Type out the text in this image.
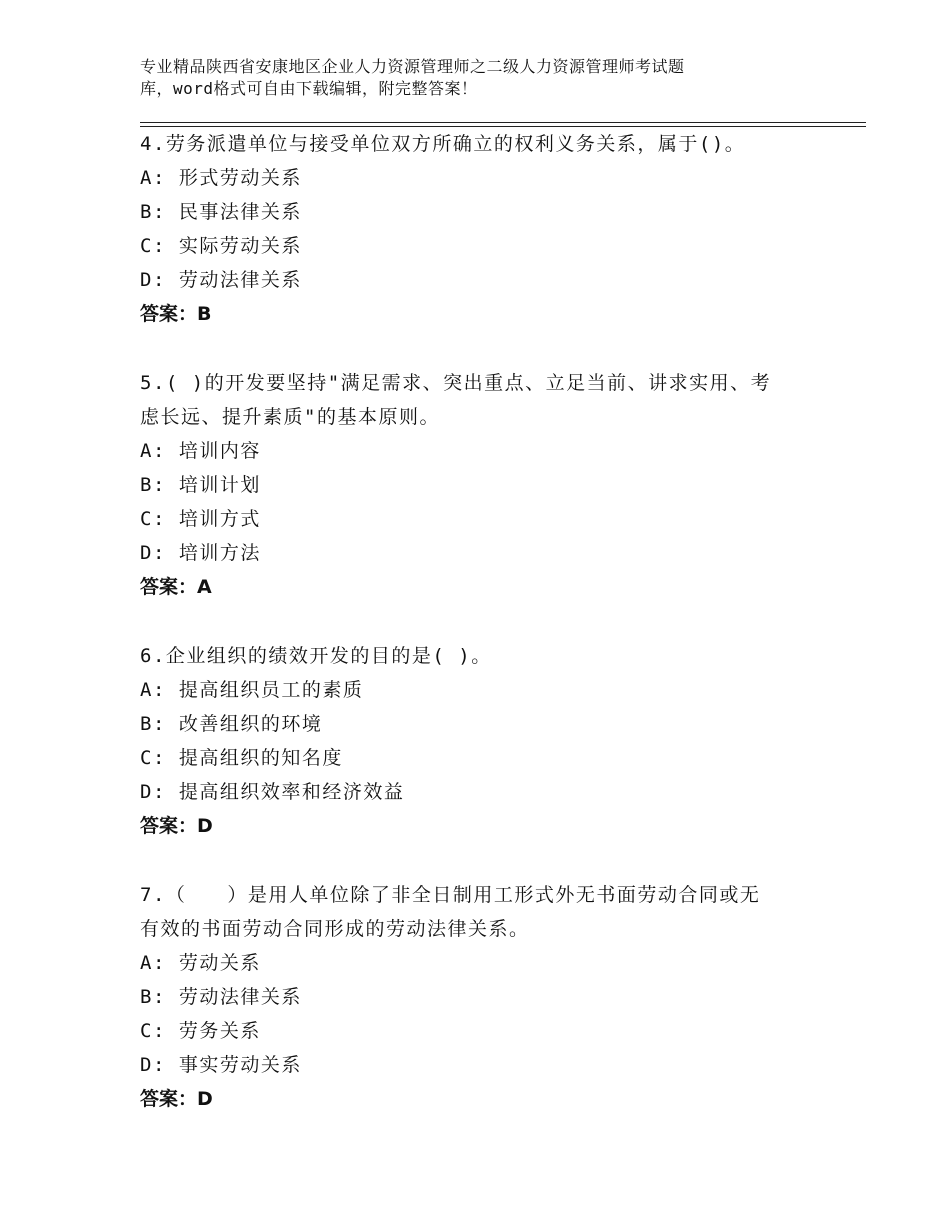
专业精品陕西省安康地区企业人力资源管理师之二级人力资源管理师考试题
库，word格式可自由下载编辑，附完整答案！
4.劳务派遣单位与接受单位双方所确立的权利义务关系，属于()。
A: 形式劳动关系
B: 民事法律关系
C: 实际劳动关系
D: 劳动法律关系
答案：B
5.( )的开发要坚持"满足需求、突出重点、立足当前、讲求实用、考
虑长远、提升素质"的基本原则。
A: 培训内容
B: 培训计划
C: 培训方式
D: 培训方法
答案：A
6.企业组织的绩效开发的目的是( )。
A: 提高组织员工的素质
B: 改善组织的环境
C: 提高组织的知名度
D: 提高组织效率和经济效益
答案：D
7.（　　）是用人单位除了非全日制用工形式外无书面劳动合同或无
有效的书面劳动合同形成的劳动法律关系。
A: 劳动关系
B: 劳动法律关系
C: 劳务关系
D: 事实劳动关系
答案：D
